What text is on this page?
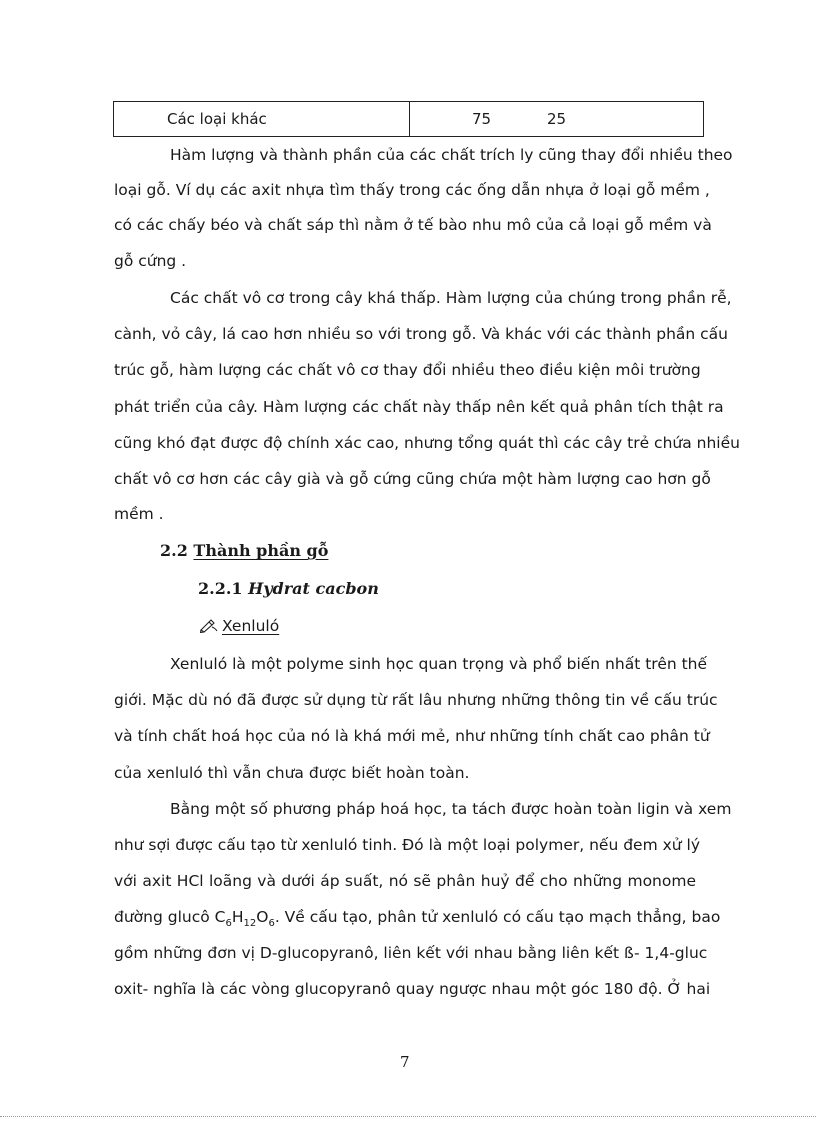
Các loại khác	75	25
Hàm lượng và thành phần của các chất trích ly cũng thay đổi nhiều theo
loại gỗ. Ví dụ các axit nhựa tìm thấy trong các ống dẫn nhựa ở loại gỗ mềm ,
có các chấy béo và chất sáp thì nằm ở tế bào nhu mô của cả loại gỗ mềm và
gỗ cứng .
Các chất vô cơ trong cây khá thấp. Hàm lượng của chúng trong phần rễ,
cành, vỏ cây, lá cao hơn nhiều so với trong gỗ. Và khác với các thành phần cấu
trúc gỗ, hàm lượng các chất vô cơ thay đổi nhiều theo điều kiện môi trường
phát triển của cây. Hàm lượng các chất này thấp nên kết quả phân tích thật ra
cũng khó đạt được độ chính xác cao, nhưng tổng quát thì các cây trẻ chứa nhiều
chất vô cơ hơn các cây già và gỗ cứng cũng chứa một hàm lượng cao hơn gỗ
mềm .
2.2 Thành phần gỗ
2.2.1 Hydrat cacbon
Xenluló
Xenluló là một polyme sinh học quan trọng và phổ biến nhất trên thế
giới. Mặc dù nó đã được sử dụng từ rất lâu nhưng những thông tin về cấu trúc
và tính chất hoá học của nó là khá mới mẻ, như những tính chất cao phân tử
của xenluló thì vẫn chưa được biết hoàn toàn.
Bằng một số phương pháp hoá học, ta tách được hoàn toàn ligin và xem
như sợi được cấu tạo từ xenluló tinh. Đó là một loại polymer, nếu đem xử lý
với axit HCl loãng và dưới áp suất, nó sẽ phân huỷ để cho những monome
đường glucô $C_6H_{12}O_6$. Về cấu tạo, phân tử xenluló có cấu tạo mạch thẳng, bao
gồm những đơn vị D-glucopyranô, liên kết với nhau bằng liên kết ß- 1,4-gluc
oxit- nghĩa là các vòng glucopyranô quay ngược nhau một góc 180 độ. Ở hai
7
